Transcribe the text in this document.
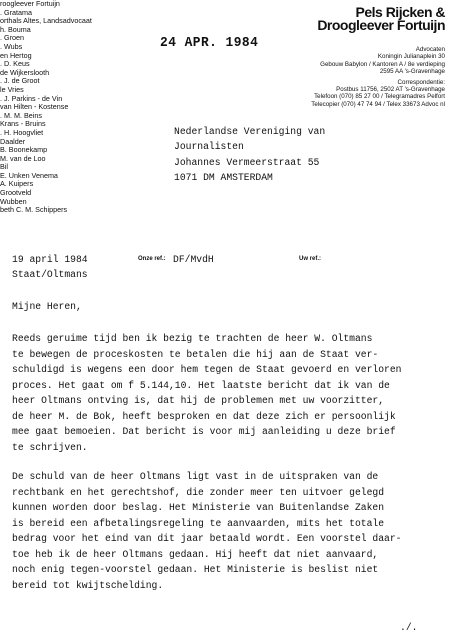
roogleever Fortuijn
. Gratama
orthals Altes, Landsadvocaat
h. Bouma
. Groen
. Wubs
en Hertog
. D. Keus
de Wijkerslooth
. J. de Groot
le Vries
. J. Parkins - de Vin
van Hilten - Kostense
. M. M. Beins
Krans - Bruins
. H. Hoogvliet
Daalder
B. Boonekamp
M. van de Loo
Bil
E. Unken Venema
A. Kuipers
Grootveld
Wubben
beth C. M. Schippers
24 APR. 1984
Pels Rijcken &
Droogleever Fortuijn
Advocaten
Koningin Julianaplein 30
Gebouw Babylon / Kantoren A / 8e verdieping
2595 AA 's-Gravenhage
Correspondentie:
Postbus 11756, 2502 AT 's-Gravenhage
Telefoon (070) 85 27 00 / Telegramadres Pelfort
Telecopier (070) 47 74 94 / Telex 33673 Advoc nl
Nederlandse Vereniging van
Journalisten
Johannes Vermeerstraat 55
1071 DM AMSTERDAM
19 april 1984	Onze ref.: DF/MvdH	Uw ref.:
Staat/Oltmans
Mijne Heren,
Reeds geruime tijd ben ik bezig te trachten de heer W. Oltmans
te bewegen de proceskosten te betalen die hij aan de Staat ver-
schuldigd is wegens een door hem tegen de Staat gevoerd en verloren
proces. Het gaat om f 5.144,10. Het laatste bericht dat ik van de
heer Oltmans ontving is, dat hij de problemen met uw voorzitter,
de heer M. de Bok, heeft besproken en dat deze zich er persoonlijk
mee gaat bemoeien. Dat bericht is voor mij aanleiding u deze brief
te schrijven.
De schuld van de heer Oltmans ligt vast in de uitspraken van de
rechtbank en het gerechtshof, die zonder meer ten uitvoer gelegd
kunnen worden door beslag. Het Ministerie van Buitenlandse Zaken
is bereid een afbetalingsregeling te aanvaarden, mits het totale
bedrag voor het eind van dit jaar betaald wordt. Een voorstel daar-
toe heb ik de heer Oltmans gedaan. Hij heeft dat niet aanvaard,
noch enig tegen-voorstel gedaan. Het Ministerie is beslist niet
bereid tot kwijtschelding.
./.
